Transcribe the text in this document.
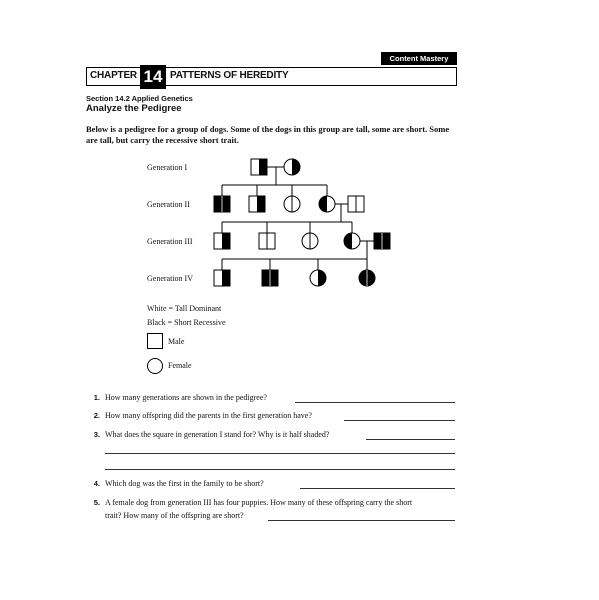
Content Mastery
CHAPTER 14 PATTERNS OF HEREDITY
Section 14.2 Applied Genetics
Analyze the Pedigree
Below is a pedigree for a group of dogs. Some of the dogs in this group are tall, some are short. Some are tall, but carry the recessive short trait.
Generation I
Generation II
Generation III
Generation IV
White = Tall Dominant
Black = Short Recessive
Male
Female
1. How many generations are shown in the pedigree?
2. How many offspring did the parents in the first generation have?
3. What does the square in generation I stand for? Why is it half shaded?
4. Which dog was the first in the family to be short?
5. A female dog from generation III has four puppies. How many of these offspring carry the short
trait? How many of the offspring are short?
